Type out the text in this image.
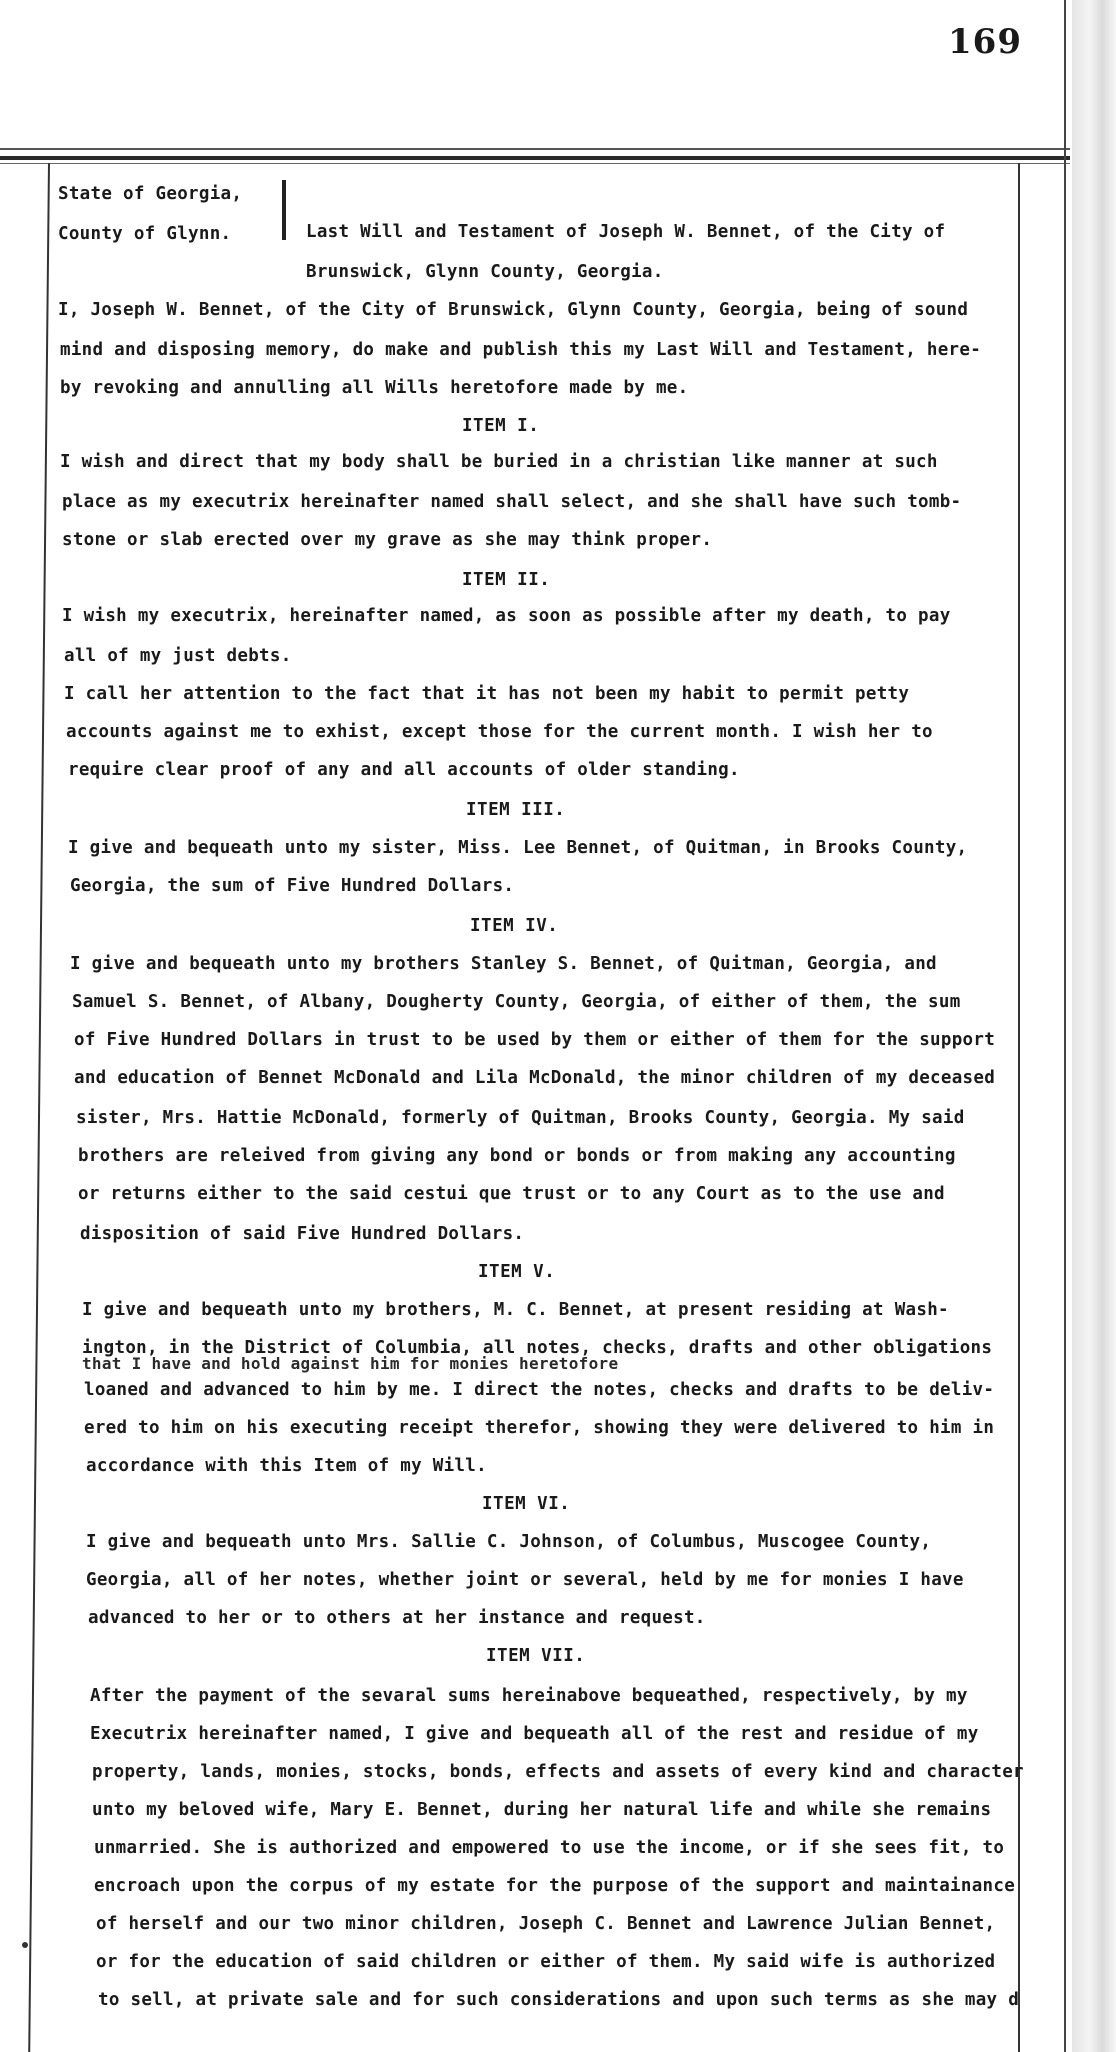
169
State of Georgia,
County of Glynn.	Last Will and Testament of Joseph W. Bennet, of the City of
Brunswick, Glynn County, Georgia.
I, Joseph W. Bennet, of the City of Brunswick, Glynn County, Georgia, being of sound
mind and disposing memory, do make and publish this my Last Will and Testament, here-
by revoking and annulling all Wills heretofore made by me.
ITEM I.
I wish and direct that my body shall be buried in a christian like manner at such
place as my executrix hereinafter named shall select, and she shall have such tomb-
stone or slab erected over my grave as she may think proper.
ITEM II.
I wish my executrix, hereinafter named, as soon as possible after my death, to pay
all of my just debts.
I call her attention to the fact that it has not been my habit to permit petty
accounts against me to exhist, except those for the current month. I wish her to
require clear proof of any and all accounts of older standing.
ITEM III.
I give and bequeath unto my sister, Miss. Lee Bennet, of Quitman, in Brooks County,
Georgia, the sum of Five Hundred Dollars.
ITEM IV.
I give and bequeath unto my brothers Stanley S. Bennet, of Quitman, Georgia, and
Samuel S. Bennet, of Albany, Dougherty County, Georgia, of either of them, the sum
of Five Hundred Dollars in trust to be used by them or either of them for the support
and education of Bennet McDonald and Lila McDonald, the minor children of my deceased
sister, Mrs. Hattie McDonald, formerly of Quitman, Brooks County, Georgia. My said
brothers are releived from giving any bond or bonds or from making any accounting
or returns either to the said cestui que trust or to any Court as to the use and
disposition of said Five Hundred Dollars.
ITEM V.
I give and bequeath unto my brothers, M. C. Bennet, at present residing at Wash-
ington, in the District of Columbia, all notes, checks, drafts and other obligations
that I have and hold against him for monies heretofore
loaned and advanced to him by me. I direct the notes, checks and drafts to be deliv-
ered to him on his executing receipt therefor, showing they were delivered to him in
accordance with this Item of my Will.
ITEM VI.
I give and bequeath unto Mrs. Sallie C. Johnson, of Columbus, Muscogee County,
Georgia, all of her notes, whether joint or several, held by me for monies I have
advanced to her or to others at her instance and request.
ITEM VII.
After the payment of the sevaral sums hereinabove bequeathed, respectively, by my
Executrix hereinafter named, I give and bequeath all of the rest and residue of my
property, lands, monies, stocks, bonds, effects and assets of every kind and character
unto my beloved wife, Mary E. Bennet, during her natural life and while she remains
unmarried. She is authorized and empowered to use the income, or if she sees fit, to
encroach upon the corpus of my estate for the purpose of the support and maintainance
of herself and our two minor children, Joseph C. Bennet and Lawrence Julian Bennet,
or for the education of said children or either of them. My said wife is authorized
to sell, at private sale and for such considerations and upon such terms as she may d
